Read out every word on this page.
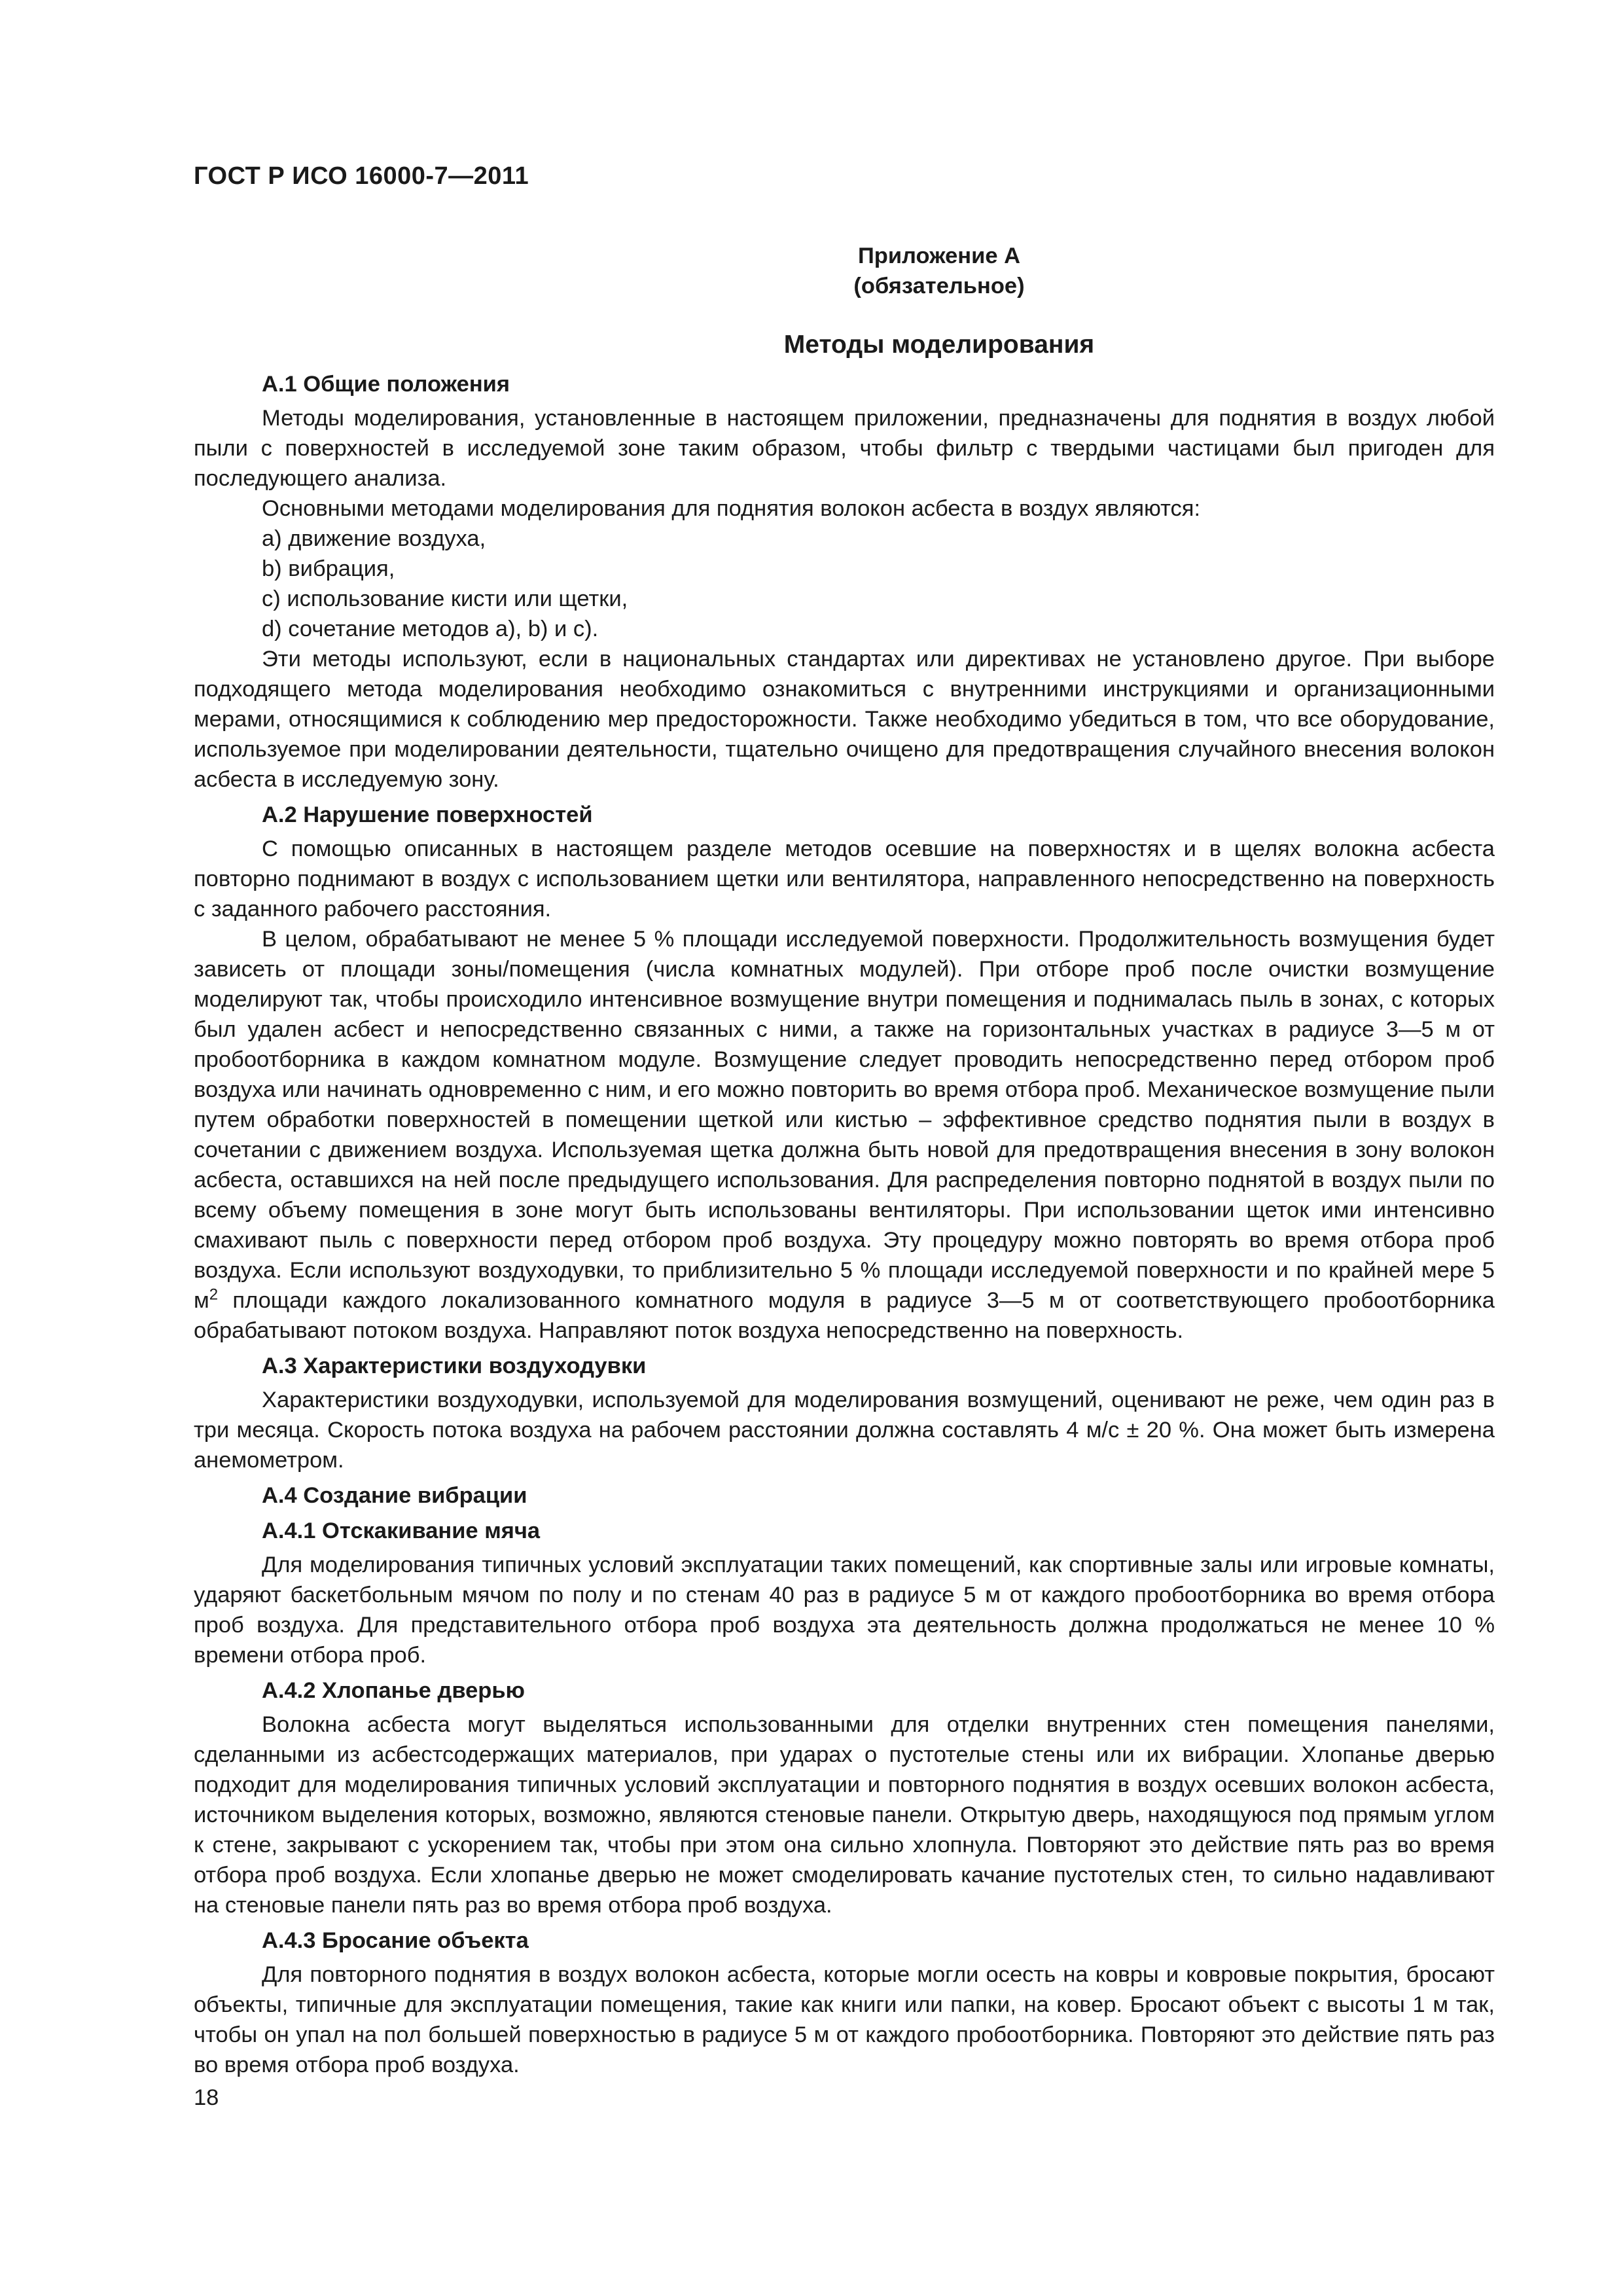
ГОСТ Р ИСО 16000-7—2011
Приложение А
(обязательное)
Методы моделирования
А.1 Общие положения

Методы моделирования, установленные в настоящем приложении, предназначены для поднятия в воздух любой пыли с поверхностей в исследуемой зоне таким образом, чтобы фильтр с твердыми частицами был пригоден для последующего анализа.

Основными методами моделирования для поднятия волокон асбеста в воздух являются:

a) движение воздуха,
b) вибрация,
c) использование кисти или щетки,
d) сочетание методов a), b) и c).

Эти методы используют, если в национальных стандартах или директивах не установлено другое. При выборе подходящего метода моделирования необходимо ознакомиться с внутренними инструкциями и организационными мерами, относящимися к соблюдению мер предосторожности. Также необходимо убедиться в том, что все оборудование, используемое при моделировании деятельности, тщательно очищено для предотвращения случайного внесения волокон асбеста в исследуемую зону.

А.2 Нарушение поверхностей

С помощью описанных в настоящем разделе методов осевшие на поверхностях и в щелях волокна асбеста повторно поднимают в воздух с использованием щетки или вентилятора, направленного непосредственно на поверхность с заданного рабочего расстояния.

В целом, обрабатывают не менее 5 % площади исследуемой поверхности. Продолжительность возмущения будет зависеть от площади зоны/помещения (числа комнатных модулей). При отборе проб после очистки возмущение моделируют так, чтобы происходило интенсивное возмущение внутри помещения и поднималась пыль в зонах, с которых был удален асбест и непосредственно связанных с ними, а также на горизонтальных участках в радиусе 3—5 м от пробоотборника в каждом комнатном модуле. Возмущение следует проводить непосредственно перед отбором проб воздуха или начинать одновременно с ним, и его можно повторить во время отбора проб. Механическое возмущение пыли путем обработки поверхностей в помещении щеткой или кистью – эффективное средство поднятия пыли в воздух в сочетании с движением воздуха. Используемая щетка должна быть новой для предотвращения внесения в зону волокон асбеста, оставшихся на ней после предыдущего использования. Для распределения повторно поднятой в воздух пыли по всему объему помещения в зоне могут быть использованы вентиляторы. При использовании щеток ими интенсивно смахивают пыль с поверхности перед отбором проб воздуха. Эту процедуру можно повторять во время отбора проб воздуха. Если используют воздуходувки, то приблизительно 5 % площади исследуемой поверхности и по крайней мере 5 $м^2$ площади каждого локализованного комнатного модуля в радиусе 3—5 м от соответствующего пробоотборника обрабатывают потоком воздуха. Направляют поток воздуха непосредственно на поверхность.

А.3 Характеристики воздуходувки

Характеристики воздуходувки, используемой для моделирования возмущений, оценивают не реже, чем один раз в три месяца. Скорость потока воздуха на рабочем расстоянии должна составлять 4 м/с ± 20 %. Она может быть измерена анемометром.

А.4 Создание вибрации
А.4.1 Отскакивание мяча

Для моделирования типичных условий эксплуатации таких помещений, как спортивные залы или игровые комнаты, ударяют баскетбольным мячом по полу и по стенам 40 раз в радиусе 5 м от каждого пробоотборника во время отбора проб воздуха. Для представительного отбора проб воздуха эта деятельность должна продолжаться не менее 10 % времени отбора проб.

А.4.2 Хлопанье дверью

Волокна асбеста могут выделяться использованными для отделки внутренних стен помещения панелями, сделанными из асбестсодержащих материалов, при ударах о пустотелые стены или их вибрации. Хлопанье дверью подходит для моделирования типичных условий эксплуатации и повторного поднятия в воздух осевших волокон асбеста, источником выделения которых, возможно, являются стеновые панели. Открытую дверь, находящуюся под прямым углом к стене, закрывают с ускорением так, чтобы при этом она сильно хлопнула. Повторяют это действие пять раз во время отбора проб воздуха. Если хлопанье дверью не может смоделировать качание пустотелых стен, то сильно надавливают на стеновые панели пять раз во время отбора проб воздуха.

А.4.3 Бросание объекта

Для повторного поднятия в воздух волокон асбеста, которые могли осесть на ковры и ковровые покрытия, бросают объекты, типичные для эксплуатации помещения, такие как книги или папки, на ковер. Бросают объект с высоты 1 м так, чтобы он упал на пол большей поверхностью в радиусе 5 м от каждого пробоотборника. Повторяют это действие пять раз во время отбора проб воздуха.

18
